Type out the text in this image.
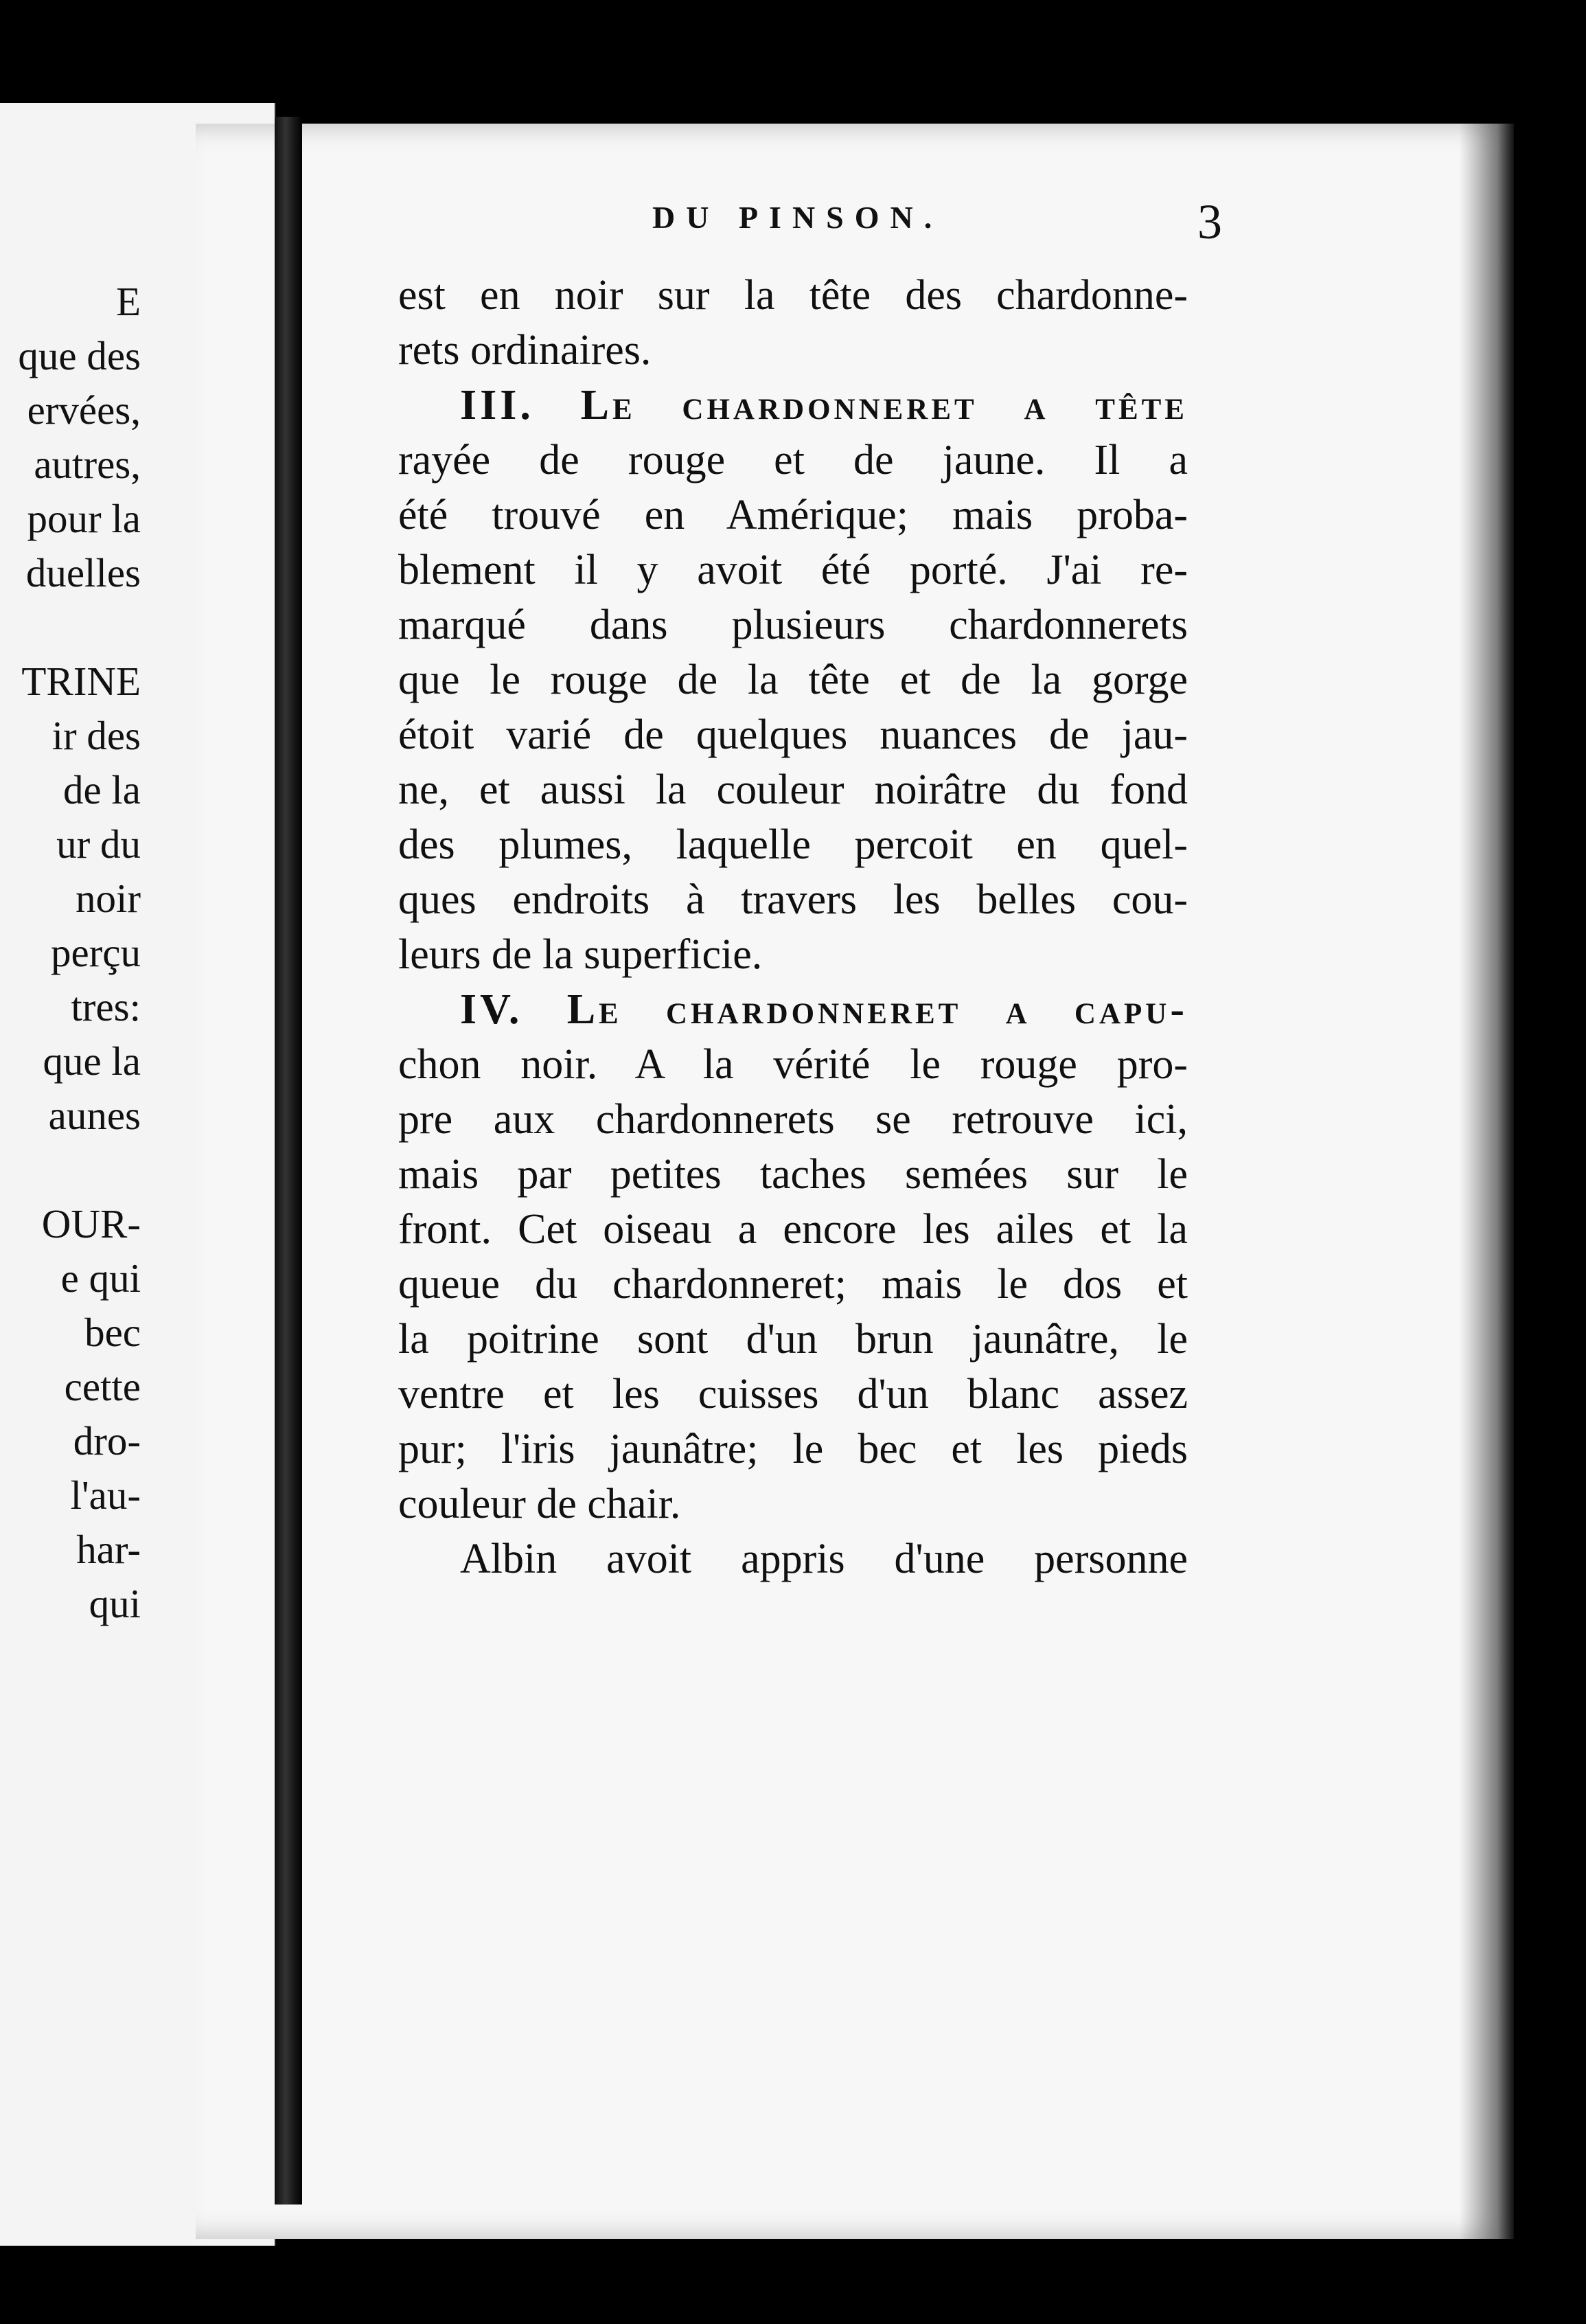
E
que des
ervées,
autres,
pour la
duelles
TRINE
ir des
de la
ur du
noir
perçu
tres:
que la
aunes
OUR-
e qui
bec
cette
dro-
l'au-
har-
qui
DU PINSON.	3
est en noir sur la tête des chardonne-
rets ordinaires.
III. Le chardonneret a tête
rayée de rouge et de jaune. Il a
été trouvé en Amérique; mais proba-
blement il y avoit été porté. J'ai re-
marqué dans plusieurs chardonnerets
que le rouge de la tête et de la gorge
étoit varié de quelques nuances de jau-
ne, et aussi la couleur noirâtre du fond
des plumes, laquelle percoit en quel-
ques endroits à travers les belles cou-
leurs de la superficie.
IV. Le chardonneret a capu-
chon noir. A la vérité le rouge pro-
pre aux chardonnerets se retrouve ici,
mais par petites taches semées sur le
front. Cet oiseau a encore les ailes et la
queue du chardonneret; mais le dos et
la poitrine sont d'un brun jaunâtre, le
ventre et les cuisses d'un blanc assez
pur; l'iris jaunâtre; le bec et les pieds
couleur de chair.
Albin avoit appris d'une personne
